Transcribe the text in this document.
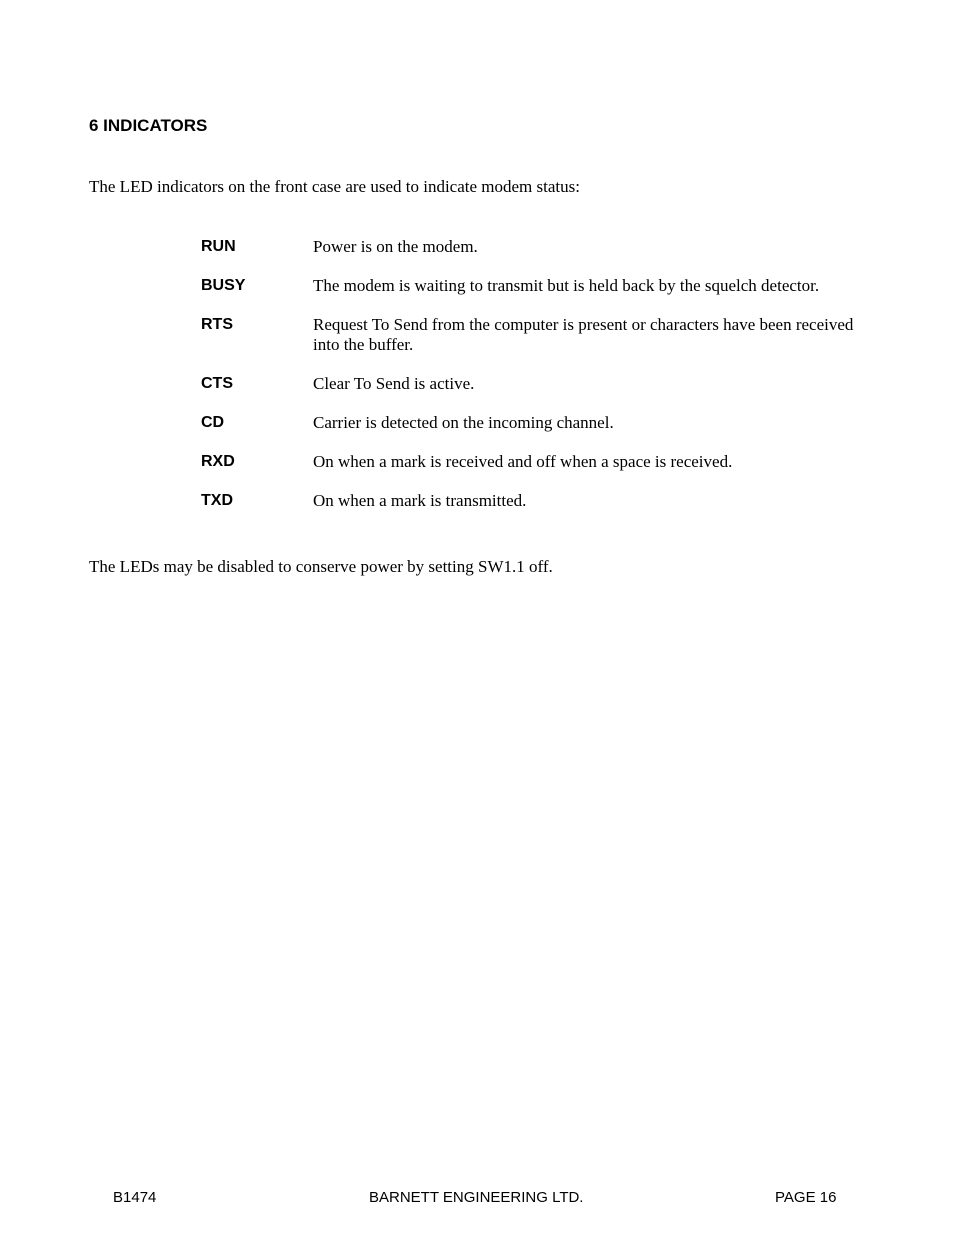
6 INDICATORS
The LED indicators on the front case are used to indicate modem status:
RUN	Power is on the modem.
BUSY	The modem is waiting to transmit but is held back by the squelch detector.
RTS	Request To Send from the computer is present or characters have been received into the buffer.
CTS	Clear To Send is active.
CD	Carrier is detected on the incoming channel.
RXD	On when a mark is received and off when a space is received.
TXD	On when a mark is transmitted.
The LEDs may be disabled to conserve power by setting SW1.1 off.
B1474	BARNETT ENGINEERING LTD.	PAGE 16
